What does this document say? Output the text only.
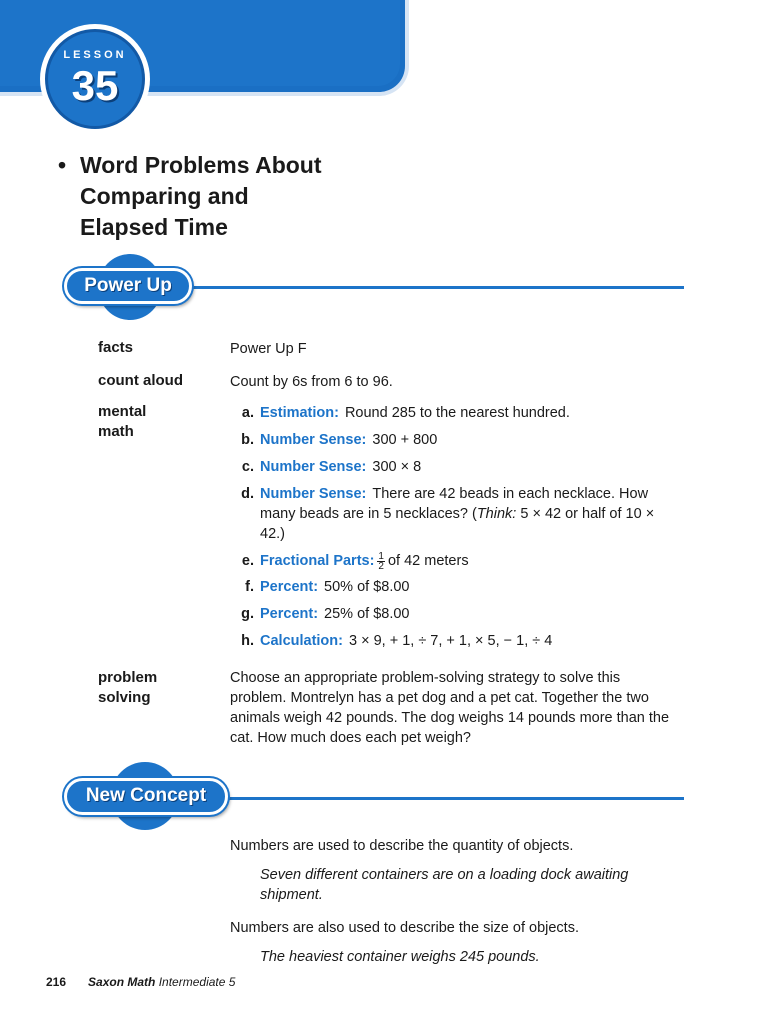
LESSON
35
• Word Problems About
Comparing and
Elapsed Time
Power Up
facts	Power Up F
count aloud	Count by 6s from 6 to 96.
mental
math
a. Estimation: Round 285 to the nearest hundred.
b. Number Sense: 300 + 800
c. Number Sense: 300 × 8
d. Number Sense: There are 42 beads in each necklace. How many beads are in 5 necklaces? (Think: 5 × 42 or half of 10 × 42.)
e. Fractional Parts: $\frac{1}{2}$ of 42 meters
f. Percent: 50% of $8.00
g. Percent: 25% of $8.00
h. Calculation: 3 × 9, + 1, ÷ 7, + 1, × 5, − 1, ÷ 4
problem
solving
Choose an appropriate problem-solving strategy to solve this problem. Montrelyn has a pet dog and a pet cat. Together the two animals weigh 42 pounds. The dog weighs 14 pounds more than the cat. How much does each pet weigh?
New Concept
Numbers are used to describe the quantity of objects.
Seven different containers are on a loading dock awaiting shipment.
Numbers are also used to describe the size of objects.
The heaviest container weighs 245 pounds.
216 Saxon Math Intermediate 5
